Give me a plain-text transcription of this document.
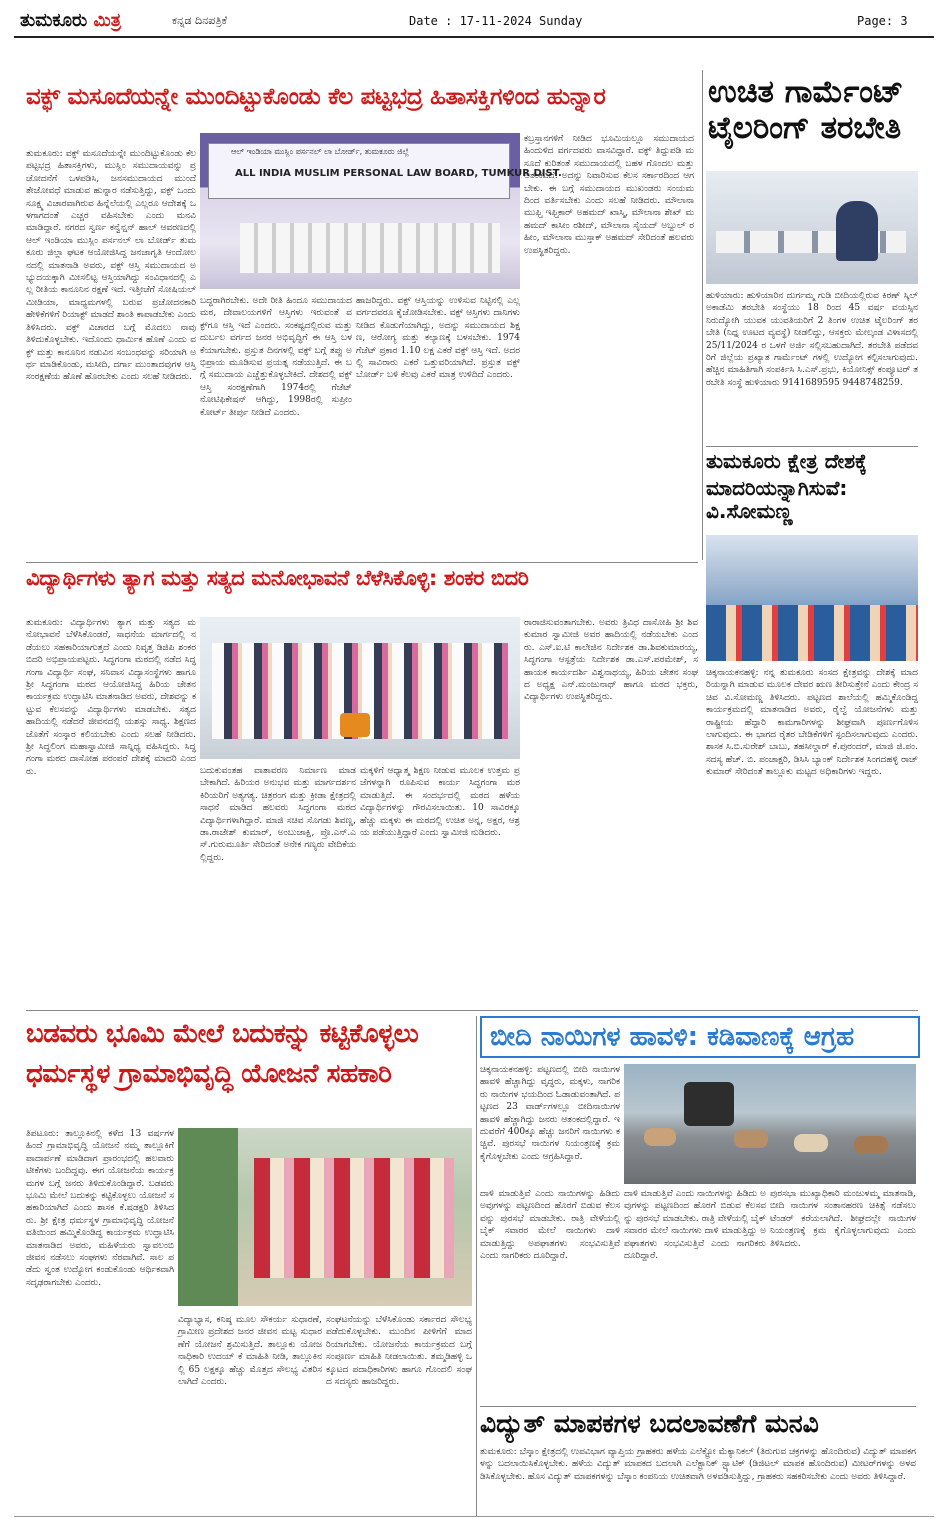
ತುಮಕೂರು ಮಿತ್ರ	ಕನ್ನಡ ದಿನಪತ್ರಿಕೆ	Date : 17-11-2024 Sunday	Page: 3
ವಕ್ಫ್ ಮಸೂದೆಯನ್ನೇ ಮುಂದಿಟ್ಟುಕೊಂಡು ಕೆಲ ಪಟ್ಟಭದ್ರ ಹಿತಾಸಕ್ತಿಗಳಿಂದ ಹುನ್ನಾರ
ತುಮಕೂರು: ವಕ್ಫ್ ಮಸೂದೆಯನ್ನೇ ಮುಂದಿಟ್ಟುಕೊಂಡು ಕೆಲ ಪಟ್ಟಭದ್ರ ಹಿತಾಸಕ್ತಿಗಳು, ಮುಸ್ಲಿಂ ಸಮುದಾಯವನ್ನು ಪ್ರಚೋದನೆಗೆ ಒಳಪಡಿಸಿ, ಜನಸಮುದಾಯದ ಮುಂದೆ ತೇಜೋವಧೆ ಮಾಡುವ ಹುನ್ನಾರ ನಡೆಸುತ್ತಿದ್ದು, ವಕ್ಫ್ ಒಂದು ಸೂಕ್ಷ್ಮ ವಿಚಾರವಾಗಿರುವ ಹಿನ್ನೆಲೆಯಲ್ಲಿ ಎಲ್ಲರೂ ಆದೇಶಕ್ಕೆ ಒಳಗಾಗದಂತೆ ಎಚ್ಚರ ವಹಿಸಬೇಕು ಎಂದು ಮನವಿ ಮಾಡಿದ್ದಾರೆ. ನಗರದ ಸ್ವರ್ಣ ಕನ್ವೆನ್ಷನ್ ಹಾಲ್ ಆವರಣದಲ್ಲಿ ಆಲ್ ಇಂಡಿಯಾ ಮುಸ್ಲಿಂ ಪರ್ಸನಲ್ ಲಾ ಬೋರ್ಡ್ ತುಮಕೂರು ಜಿಲ್ಲಾ ಘಟಕ ಆಯೋಜಿಸಿದ್ದ ಜನಜಾಗೃತಿ ಆಂದೋಲನದಲ್ಲಿ ಮಾತನಾಡಿ ಅವರು, ವಕ್ಫ್ ಆಸ್ತಿ ಸಮುದಾಯದ ಅಭ್ಯುದಯಕ್ಕಾಗಿ ಮೀಸಲಿಟ್ಟ ಆಸ್ತಿಯಾಗಿದ್ದು ಸಂವಿಧಾನದಲ್ಲಿ ಎಲ್ಲ ರೀತಿಯ ಕಾನೂನಿನ ರಕ್ಷಣೆ ಇದೆ. ಇತ್ತೀಚೆಗೆ ಸೋಷಿಯಲ್ ಮೀಡಿಯಾ, ಮಾಧ್ಯಮಗಳಲ್ಲಿ ಬರುವ ಪ್ರಚೋದನಕಾರಿ ಹೇಳಿಕೆಗಳಿಗೆ ರಿಯಾಕ್ಟ್ ಮಾಡದೆ ಶಾಂತಿ ಕಾಪಾಡಬೇಕು ಎಂದು ತಿಳಿಸಿದರು. ವಕ್ಫ್ ವಿಚಾರದ ಬಗ್ಗೆ ಮೊದಲು ನಾವು ತಿಳಿದುಕೊಳ್ಳಬೇಕು. ಇದೊಂದು ಧಾರ್ಮಿಕ ಹೊಣೆ ಎಂದು ವಕ್ಫ್ ಮತ್ತು ಕಾನೂನಿನ ನಡುವಿನ ಸಂಬಂಧವನ್ನು ಸರಿಯಾಗಿ ಅರ್ಥ ಮಾಡಿಕೊಂಡು, ಮಸೀದಿ, ದರ್ಗಾ ಮುಂತಾದವುಗಳ ಆಸ್ತಿ ಸಂರಕ್ಷಣೆಯ ಹೊಣೆ ಹೊರಬೇಕು ಎಂದು ಸಲಹೆ ನೀಡಿದರು.
ಆಲ್ ಇಂಡಿಯಾ ಮುಸ್ಲಿಂ ಪರ್ಸನಲ್ ಲಾ ಬೋರ್ಡ್, ತುಮಕೂರು ಜಿಲ್ಲೆ
ALL INDIA MUSLIM PERSONAL LAW BOARD, TUMKUR DIST.
ಬದ್ಧರಾಗಿರಬೇಕು. ಅದೇ ರೀತಿ ಹಿಂದೂ ಸಮುದಾಯದ ಮಠ, ದೇವಾಲಯಗಳಿಗೆ ಆಸ್ತಿಗಳು ಇರುವಂತೆ ವಕ್ಫ್‌ಗೂ ಆಸ್ತಿ ಇದೆ ಎಂದರು. ಸಂಕಷ್ಟದಲ್ಲಿರುವ ಮತ್ತು ದುರ್ಬಲ ವರ್ಗದ ಜನರ ಅಭಿವೃದ್ಧಿಗೆ ಈ ಆಸ್ತಿ ಬಳಕೆಯಾಗಬೇಕು. ಪ್ರಸ್ತುತ ದಿನಗಳಲ್ಲಿ ವಕ್ಫ್ ಬಗ್ಗೆ ತಪ್ಪು ಅಭಿಪ್ರಾಯ ಮೂಡಿಸುವ ಪ್ರಯತ್ನ ನಡೆಯುತ್ತಿದೆ. ಈ ಬಗ್ಗೆ ಸಮುದಾಯ ಎಚ್ಚೆತ್ತುಕೊಳ್ಳಬೇಕಿದೆ. ದೇಶದಲ್ಲಿ ವಕ್ಫ್ ಆಸ್ತಿ ಸಂರಕ್ಷಣೆಗಾಗಿ 1974ರಲ್ಲಿ ಗೆಜೆಟ್ ನೋಟಿಫಿಕೇಷನ್ ಆಗಿದ್ದು, 1998ರಲ್ಲಿ ಸುಪ್ರೀಂ ಕೋರ್ಟ್ ತೀರ್ಪು ನೀಡಿದೆ ಎಂದರು.
ಹಾಜರಿದ್ದರು. ವಕ್ಫ್ ಆಸ್ತಿಯನ್ನು ಉಳಿಸುವ ನಿಟ್ಟಿನಲ್ಲಿ ಎಲ್ಲ ವರ್ಗದವರೂ ಕೈಜೋಡಿಸಬೇಕು. ವಕ್ಫ್ ಆಸ್ತಿಗಳು ದಾನಿಗಳು ನೀಡಿದ ಕೊಡುಗೆಯಾಗಿದ್ದು, ಅದನ್ನು ಸಮುದಾಯದ ಶಿಕ್ಷಣ, ಆರೋಗ್ಯ ಮತ್ತು ಕಲ್ಯಾಣಕ್ಕೆ ಬಳಸಬೇಕು. 1974 ಗೆಜೆಟ್ ಪ್ರಕಾರ 1.10 ಲಕ್ಷ ಎಕರೆ ವಕ್ಫ್ ಆಸ್ತಿ ಇದೆ. ಅದರಲ್ಲಿ ಸಾವಿರಾರು ಎಕರೆ ಒತ್ತುವರಿಯಾಗಿದೆ. ಪ್ರಸ್ತುತ ವಕ್ಫ್ ಬೋರ್ಡ್ ಬಳಿ ಕೆಲವು ಎಕರೆ ಮಾತ್ರ ಉಳಿದಿದೆ ಎಂದರು.
ಕಬ್ರಸ್ತಾನಗಳಿಗೆ ನೀಡಿದ ಭೂಮಿಯಲ್ಲೂ ಸಮುದಾಯದ ಹಿಂದುಳಿದ ವರ್ಗದವರು ವಾಸವಿದ್ದಾರೆ. ವಕ್ಫ್ ತಿದ್ದುಪಡಿ ಮಸೂದೆ ಕುರಿತಂತೆ ಸಮುದಾಯದಲ್ಲಿ ಬಹಳ ಗೊಂದಲ ಮತ್ತು ಆತಂಕವಿದೆ. ಅದನ್ನು ನಿವಾರಿಸುವ ಕೆಲಸ ಸರ್ಕಾರದಿಂದ ಆಗಬೇಕು. ಈ ಬಗ್ಗೆ ಸಮುದಾಯದ ಮುಖಂಡರು ಸಂಯಮದಿಂದ ವರ್ತಿಸಬೇಕು ಎಂದು ಸಲಹೆ ನೀಡಿದರು. ಮೌಲಾನಾ ಮುಫ್ತಿ ಇಫ್ತಿಕಾರ್ ಅಹಮದ್ ಖಾಸ್ಮಿ, ಮೌಲಾನಾ ಶೇಖ್ ಮಹಮದ್ ಕಾಸೀಂ ರಶೀದ್, ಮೌಲಾನಾ ಸೈಯದ್ ಅಬ್ದುಲ್ ರಹೀಂ, ಮೌಲಾನಾ ಮುಸ್ತಾಕ್ ಅಹಮದ್ ಸೇರಿದಂತೆ ಹಲವರು ಉಪಸ್ಥಿತರಿದ್ದರು.
ಉಚಿತ ಗಾರ್ಮೆಂಟ್
ಟೈಲರಿಂಗ್ ತರಬೇತಿ
ಹುಳಿಯಾರು: ಹುಳಿಯಾರಿನ ದುರ್ಗಮ್ಮ ಗುಡಿ ಬೀದಿಯಲ್ಲಿರುವ ಕಿರಣ್ ಸ್ಕಿಲ್ ಅಕಾಡೆಮಿ ತರಬೇತಿ ಸಂಸ್ಥೆಯು 18 ರಿಂದ 45 ವರ್ಷ ವಯಸ್ಸಿನ ನಿರುದ್ಯೋಗಿ ಯುವಕ ಯುವತಿಯರಿಗೆ 2 ತಿಂಗಳ ಉಚಿತ ಟೈಲರಿಂಗ್ ತರಬೇತಿ (ನಿಧ್ನ ಊಟದ ವ್ಯವಸ್ಥೆ) ನೀಡಲಿದ್ದು, ಆಸಕ್ತರು ಮೇಲ್ಕಂಡ ವಿಳಾಸದಲ್ಲಿ 25/11/2024 ರ ಒಳಗೆ ಅರ್ಜಿ ಸಲ್ಲಿಸಬಹುದಾಗಿದೆ. ತರಬೇತಿ ಪಡೆದವರಿಗೆ ಜಿಲ್ಲೆಯ ಪ್ರಖ್ಯಾತ ಗಾರ್ಮೆಂಟ್ ಗಳಲ್ಲಿ ಉದ್ಯೋಗ ಕಲ್ಪಿಸಲಾಗುವುದು. ಹೆಚ್ಚಿನ ಮಾಹಿತಿಗಾಗಿ ಸಂಪರ್ಕಿಸಿ ಸಿ.ಎಸ್.ಪ್ರಭು, ಕಿಯೋನಿಕ್ಸ್ ಕಂಪ್ಯೂಟರ್ ತರಬೇತಿ ಸಂಸ್ಥೆ ಹುಳಿಯಾರು 9141689595 9448748259.
ತುಮಕೂರು ಕ್ಷೇತ್ರ ದೇಶಕ್ಕೆ
ಮಾದರಿಯನ್ನಾಗಿಸುವೆ: ವಿ.ಸೋಮಣ್ಣ
ಚಿಕ್ಕನಾಯಕನಹಳ್ಳಿ: ನನ್ನ ತುಮಕೂರು ಸಂಸದ ಕ್ಷೇತ್ರವನ್ನು ದೇಶಕ್ಕೆ ಮಾದರಿಯನ್ನಾಗಿ ಮಾಡುವ ಮೂಲಕ ದೇವರ ಋಣ ತೀರಿಸುತ್ತೇನೆ ಎಂದು ಕೇಂದ್ರ ಸಚಿವ ವಿ.ಸೋಮಣ್ಣ ತಿಳಿಸಿದರು. ಪಟ್ಟಣದ ಶಾಲೆಯಲ್ಲಿ ಹಮ್ಮಿಕೊಂಡಿದ್ದ ಕಾರ್ಯಕ್ರಮದಲ್ಲಿ ಮಾತನಾಡಿದ ಅವರು, ರೈಲ್ವೆ ಯೋಜನೆಗಳು ಮತ್ತು ರಾಷ್ಟ್ರೀಯ ಹೆದ್ದಾರಿ ಕಾಮಗಾರಿಗಳನ್ನು ಶೀಘ್ರವಾಗಿ ಪೂರ್ಣಗೊಳಿಸಲಾಗುವುದು. ಈ ಭಾಗದ ರೈತರ ಬೇಡಿಕೆಗಳಿಗೆ ಸ್ಪಂದಿಸಲಾಗುವುದು ಎಂದರು. ಶಾಸಕ ಸಿ.ಬಿ.ಸುರೇಶ್ ಬಾಬು, ತಹಸೀಲ್ದಾರ್ ಕೆ.ಪುರಂದರ್, ಮಾಜಿ ಜಿ.ಪಂ. ಸದಸ್ಯ ಹೆಚ್. ಬಿ. ಪಂಚಾಕ್ಷರಿ, ಡಿಸಿಸಿ ಬ್ಯಾಂಕ್ ನಿರ್ದೇಶಕ ಸಿಂಗದಹಳ್ಳಿ ರಾಜ್ ಕುಮಾರ್ ಸೇರಿದಂತೆ ತಾಲ್ಲೂಕು ಮಟ್ಟದ ಅಧಿಕಾರಿಗಳು ಇದ್ದರು.
ವಿದ್ಯಾರ್ಥಿಗಳು ತ್ಯಾಗ ಮತ್ತು ಸತ್ಯದ ಮನೋಭಾವನೆ ಬೆಳೆಸಿಕೊಳ್ಳಿ: ಶಂಕರ ಬಿದರಿ
ತುಮಕೂರು: ವಿದ್ಯಾರ್ಥಿಗಳು ತ್ಯಾಗ ಮತ್ತು ಸತ್ಯದ ಮನೋಭಾವನೆ ಬೆಳೆಸಿಕೊಂಡರೆ, ಸಾಧನೆಯ ಮಾರ್ಗದಲ್ಲಿ ನಡೆಯಲು ಸಹಕಾರಿಯಾಗುತ್ತದೆ ಎಂದು ನಿವೃತ್ತ ಡಿಜಿಪಿ ಶಂಕರ ಬಿದರಿ ಅಭಿಪ್ರಾಯಪಟ್ಟರು. ಸಿದ್ಧಗಂಗಾ ಮಠದಲ್ಲಿ ನಡೆದ ಸಿದ್ಧಗಂಗಾ ವಿದ್ಯಾರ್ಥಿ ಸಂಘ, ಸನಿವಾಸ ವಿದ್ಯಾಸಂಸ್ಥೆಗಳು ಹಾಗೂ ಶ್ರೀ ಸಿದ್ಧಗಂಗಾ ಮಠದ ಆಯೋಜಿಸಿದ್ದ ಹಿರಿಯ ಚೇತನ ಕಾರ್ಯಕ್ರಮ ಉದ್ಘಾಟಿಸಿ ಮಾತನಾಡಿದ ಅವರು, ದೇಶವನ್ನು ಕಟ್ಟುವ ಕೆಲಸವನ್ನು ವಿದ್ಯಾರ್ಥಿಗಳು ಮಾಡಬೇಕು. ಸತ್ಯದ ಹಾದಿಯಲ್ಲಿ ನಡೆದರೆ ಜೀವನದಲ್ಲಿ ಯಶಸ್ಸು ಸಾಧ್ಯ. ಶಿಕ್ಷಣದ ಜೊತೆಗೆ ಸಂಸ್ಕಾರ ಕಲಿಯಬೇಕು ಎಂದು ಸಲಹೆ ನೀಡಿದರು. ಶ್ರೀ ಸಿದ್ಧಲಿಂಗ ಮಹಾಸ್ವಾಮೀಜಿ ಸಾನ್ನಿಧ್ಯ ವಹಿಸಿದ್ದರು. ಸಿದ್ಧಗಂಗಾ ಮಠದ ದಾಸೋಹ ಪರಂಪರೆ ದೇಶಕ್ಕೆ ಮಾದರಿ ಎಂದರು.	ಬದುಕುವಂತಹ ವಾತಾವರಣ ನಿರ್ಮಾಣ ಮಾಡಬೇಕಾಗಿದೆ. ಹಿರಿಯರ ಅನುಭವ ಮತ್ತು ಮಾರ್ಗದರ್ಶನ ಕಿರಿಯರಿಗೆ ಅತ್ಯಗತ್ಯ. ಚಿತ್ರರಂಗ ಮತ್ತು ಕ್ರೀಡಾ ಕ್ಷೇತ್ರದಲ್ಲಿ ಸಾಧನೆ ಮಾಡಿದ ಹಲವರು ಸಿದ್ಧಗಂಗಾ ಮಠದ ವಿದ್ಯಾರ್ಥಿಗಳಾಗಿದ್ದಾರೆ. ಮಾಜಿ ಸಚಿವ ಸೊಗಡು ಶಿವಣ್ಣ, ಡಾ.ರಾಜೇಶ್ ಕುಮಾರ್, ಅಂಬುಜಾಕ್ಷಿ, ಪ್ರೊ.ಎನ್.ಎಸ್.ಗುರುಮೂರ್ತಿ ಸೇರಿದಂತೆ ಅನೇಕ ಗಣ್ಯರು ವೇದಿಕೆಯಲ್ಲಿದ್ದರು.
ಮಕ್ಕಳಿಗೆ ಆಧ್ಯಾತ್ಮ ಶಿಕ್ಷಣ ನೀಡುವ ಮೂಲಕ ಉತ್ತಮ ಪ್ರಜೆಗಳನ್ನಾಗಿ ರೂಪಿಸುವ ಕಾರ್ಯ ಸಿದ್ಧಗಂಗಾ ಮಠ ಮಾಡುತ್ತಿದೆ. ಈ ಸಂದರ್ಭದಲ್ಲಿ ಮಠದ ಹಳೆಯ ವಿದ್ಯಾರ್ಥಿಗಳನ್ನು ಗೌರವಿಸಲಾಯಿತು. 10 ಸಾವಿರಕ್ಕೂ ಹೆಚ್ಚು ಮಕ್ಕಳು ಈ ಮಠದಲ್ಲಿ ಉಚಿತ ಅನ್ನ, ಅಕ್ಷರ, ಆಶ್ರಯ ಪಡೆಯುತ್ತಿದ್ದಾರೆ ಎಂದು ಸ್ವಾಮೀಜಿ ನುಡಿದರು.
ರಾರಾಜಿಸುವಂತಾಗಬೇಕು. ಅವರು ತ್ರಿವಿಧ ದಾಸೋಹಿ ಶ್ರೀ ಶಿವಕುಮಾರ ಸ್ವಾಮೀಜಿ ಅವರ ಹಾದಿಯಲ್ಲಿ ನಡೆಯಬೇಕು ಎಂದರು. ಎಸ್.ಐ.ಟಿ ಕಾಲೇಜಿನ ನಿರ್ದೇಶಕ ಡಾ.ಶಿವಕುಮಾರಯ್ಯ, ಸಿದ್ಧಗಂಗಾ ಆಸ್ಪತ್ರೆಯ ನಿರ್ದೇಶಕ ಡಾ.ಎಸ್.ಪರಮೇಶ್, ಸಹಾಯಕ ಕಾರ್ಯದರ್ಶಿ ವಿಶ್ವನಾಥಯ್ಯ, ಹಿರಿಯ ಚೇತನ ಸಂಘದ ಅಧ್ಯಕ್ಷ ಎನ್.ಮಂಜುನಾಥ್ ಹಾಗೂ ಮಠದ ಭಕ್ತರು, ವಿದ್ಯಾರ್ಥಿಗಳು ಉಪಸ್ಥಿತರಿದ್ದರು.
ಬಡವರು ಭೂಮಿ ಮೇಲೆ ಬದುಕನ್ನು ಕಟ್ಟಿಕೊಳ್ಳಲು
ಧರ್ಮಸ್ಥಳ ಗ್ರಾಮಾಭಿವೃದ್ಧಿ ಯೋಜನೆ ಸಹಕಾರಿ
ತಿಪಟೂರು: ತಾಲ್ಲೂಕಿನಲ್ಲಿ ಕಳೆದ 13 ವರ್ಷಗಳ ಹಿಂದೆ ಗ್ರಾಮಾಭಿವೃದ್ಧಿ ಯೋಜನೆ ನಮ್ಮ ತಾಲ್ಲೂಕಿಗೆ ಪಾದಾರ್ಪಣೆ ಮಾಡಿದಾಗ ಪ್ರಾರಂಭದಲ್ಲಿ ಹಲವಾರು ಟೀಕೆಗಳು ಬಂದಿದ್ದವು. ಈಗ ಯೋಜನೆಯ ಕಾರ್ಯಕ್ರಮಗಳ ಬಗ್ಗೆ ಜನರು ತಿಳಿದುಕೊಂಡಿದ್ದಾರೆ. ಬಡವರು ಭೂಮಿ ಮೇಲೆ ಬದುಕನ್ನು ಕಟ್ಟಿಕೊಳ್ಳಲು ಯೋಜನೆ ಸಹಕಾರಿಯಾಗಿದೆ ಎಂದು ಶಾಸಕ ಕೆ.ಷಡಕ್ಷರಿ ತಿಳಿಸಿದರು. ಶ್ರೀ ಕ್ಷೇತ್ರ ಧರ್ಮಸ್ಥಳ ಗ್ರಾಮಾಭಿವೃದ್ಧಿ ಯೋಜನೆ ವತಿಯಿಂದ ಹಮ್ಮಿಕೊಂಡಿದ್ದ ಕಾರ್ಯಕ್ರಮ ಉದ್ಘಾಟಿಸಿ ಮಾತನಾಡಿದ ಅವರು, ಮಹಿಳೆಯರು ಸ್ವಾವಲಂಬಿ ಜೀವನ ನಡೆಸಲು ಸಂಘಗಳು ನೆರವಾಗಿವೆ. ಸಾಲ ಪಡೆದು ಸ್ವಂತ ಉದ್ಯೋಗ ಕಂಡುಕೊಂಡು ಆರ್ಥಿಕವಾಗಿ ಸದೃಢರಾಗಬೇಕು ಎಂದರು.
ವಿದ್ಯಾಭ್ಯಾಸ, ಕನಿಷ್ಠ ಮೂಲ ಸೌಕರ್ಯ ಸುಧಾರಣೆ, ಗ್ರಾಮೀಣ ಪ್ರದೇಶದ ಜನರ ಜೀವನ ಮಟ್ಟ ಸುಧಾರಣೆಗೆ ಯೋಜನೆ ಶ್ರಮಿಸುತ್ತಿದೆ. ತಾಲ್ಲೂಕು ಯೋಜನಾಧಿಕಾರಿ ಉದಯ್ ಕೆ ಮಾಹಿತಿ ನೀಡಿ, ತಾಲ್ಲೂಕಿನಲ್ಲಿ 65 ಲಕ್ಷಕ್ಕೂ ಹೆಚ್ಚು ಮೊತ್ತದ ಸೌಲಭ್ಯ ವಿತರಿಸಲಾಗಿದೆ ಎಂದರು.
ಸಂಘಟನೆಯನ್ನು ಬೆಳೆಸಿಕೊಂಡು ಸರ್ಕಾರದ ಸೌಲಭ್ಯ ಪಡೆದುಕೊಳ್ಳಬೇಕು. ಮುಂದಿನ ಪೀಳಿಗೆಗೆ ಮಾದರಿಯಾಗಬೇಕು. ಯೋಜನೆಯ ಕಾರ್ಯಕ್ರಮದ ಬಗ್ಗೆ ಸಂಪೂರ್ಣ ಮಾಹಿತಿ ನೀಡಲಾಯಿತು. ತಮ್ಮಡಿಹಳ್ಳಿ ಒಕ್ಕೂಟದ ಪದಾಧಿಕಾರಿಗಳು ಹಾಗೂ ಗೊಂದಲಿ ಸಂಘದ ಸದಸ್ಯರು ಹಾಜರಿದ್ದರು.
ಬೀದಿ ನಾಯಿಗಳ ಹಾವಳಿ: ಕಡಿವಾಣಕ್ಕೆ ಆಗ್ರಹ
ಚಿಕ್ಕನಾಯಕನಹಳ್ಳಿ: ಪಟ್ಟಣದಲ್ಲಿ ಬೀದಿ ನಾಯಿಗಳ ಹಾವಳಿ ಹೆಚ್ಚಾಗಿದ್ದು ವೃದ್ಧರು, ಮಕ್ಕಳು, ನಾಗರಿಕರು ನಾಯಿಗಳ ಭಯದಿಂದ ಓಡಾಡುವಂತಾಗಿದೆ. ಪಟ್ಟಣದ 23 ವಾರ್ಡ್‌ಗಳಲ್ಲೂ ಬೀದಿನಾಯಿಗಳ ಹಾವಳಿ ಹೆಚ್ಚಾಗಿದ್ದು ಜನರು ಆತಂಕದಲ್ಲಿದ್ದಾರೆ. ಇದುವರೆಗೆ 400ಕ್ಕೂ ಹೆಚ್ಚು ಜನರಿಗೆ ನಾಯಿಗಳು ಕಚ್ಚಿವೆ. ಪುರಸಭೆ ನಾಯಿಗಳ ನಿಯಂತ್ರಣಕ್ಕೆ ಕ್ರಮ ಕೈಗೊಳ್ಳಬೇಕು ಎಂದು ಆಗ್ರಹಿಸಿದ್ದಾರೆ.
ದಾಳಿ ಮಾಡುತ್ತಿವೆ ಎಂದು ನಾಯಿಗಳನ್ನು ಹಿಡಿದು ಅವುಗಳನ್ನು ಪಟ್ಟಣದಿಂದ ಹೊರಗೆ ಬಿಡುವ ಕೆಲಸವನ್ನು ಪುರಸಭೆ ಮಾಡಬೇಕು. ರಾತ್ರಿ ವೇಳೆಯಲ್ಲಿ ಬೈಕ್ ಸವಾರರ ಮೇಲೆ ನಾಯಿಗಳು ದಾಳಿ ಮಾಡುತ್ತಿದ್ದು ಅಪಘಾತಗಳು ಸಂಭವಿಸುತ್ತಿವೆ ಎಂದು ನಾಗರಿಕರು ದೂರಿದ್ದಾರೆ.
ದಾಳಿ ಮಾಡುತ್ತಿವೆ ಎಂದು ನಾಯಿಗಳನ್ನು ಹಿಡಿದು ಅವುಗಳನ್ನು ಪಟ್ಟಣದಿಂದ ಹೊರಗೆ ಬಿಡುವ ಕೆಲಸವನ್ನು ಪುರಸಭೆ ಮಾಡಬೇಕು. ರಾತ್ರಿ ವೇಳೆಯಲ್ಲಿ ಬೈಕ್ ಸವಾರರ ಮೇಲೆ ನಾಯಿಗಳು ದಾಳಿ ಮಾಡುತ್ತಿದ್ದು ಅಪಘಾತಗಳು ಸಂಭವಿಸುತ್ತಿವೆ ಎಂದು ನಾಗರಿಕರು ದೂರಿದ್ದಾರೆ.
ಪುರಸಭಾ ಮುಖ್ಯಾಧಿಕಾರಿ ಮಂಜುಳಮ್ಮ ಮಾತನಾಡಿ, ಬೀದಿ ನಾಯಿಗಳ ಸಂತಾನಹರಣ ಚಿಕಿತ್ಸೆ ನಡೆಸಲು ಟೆಂಡರ್ ಕರೆಯಲಾಗಿದೆ. ಶೀಘ್ರದಲ್ಲೇ ನಾಯಿಗಳ ನಿಯಂತ್ರಣಕ್ಕೆ ಕ್ರಮ ಕೈಗೊಳ್ಳಲಾಗುವುದು ಎಂದು ತಿಳಿಸಿದರು.
ವಿದ್ಯುತ್ ಮಾಪಕಗಳ ಬದಲಾವಣೆಗೆ ಮನವಿ
ತುಮಕೂರು: ಬೆಸ್ಕಾಂ ಕ್ಷೇತ್ರದಲ್ಲಿ ಉಪವಿಭಾಗ ವ್ಯಾಪ್ತಿಯ ಗ್ರಾಹಕರು ಹಳೆಯ ಎಲೆಕ್ಟ್ರೋ ಮೆಕ್ಯಾನಿಕಲ್ (ತಿರುಗುವ ಚಕ್ರಗಳನ್ನು ಹೊಂದಿರುವ) ವಿದ್ಯುತ್ ಮಾಪಕಗಳನ್ನು ಬದಲಾಯಿಸಿಕೊಳ್ಳಬೇಕು. ಹಳೆಯ ವಿದ್ಯುತ್ ಮಾಪಕದ ಬದಲಾಗಿ ಎಲೆಕ್ಟ್ರಾನಿಕ್ ಸ್ಟ್ಯಾಟಿಕ್ (ಡಿಜಿಟಲ್ ಮಾಪಕ ಹೊಂದಿರುವ) ಮೀಟರ್‌ಗಳನ್ನು ಅಳವಡಿಸಿಕೊಳ್ಳಬೇಕು. ಹೊಸ ವಿದ್ಯುತ್ ಮಾಪಕಗಳನ್ನು ಬೆಸ್ಕಾಂ ಕಂಪನಿಯ ಉಚಿತವಾಗಿ ಅಳವಡಿಸುತ್ತಿದ್ದು, ಗ್ರಾಹಕರು ಸಹಕರಿಸಬೇಕು ಎಂದು ಅವರು ತಿಳಿಸಿದ್ದಾರೆ.
